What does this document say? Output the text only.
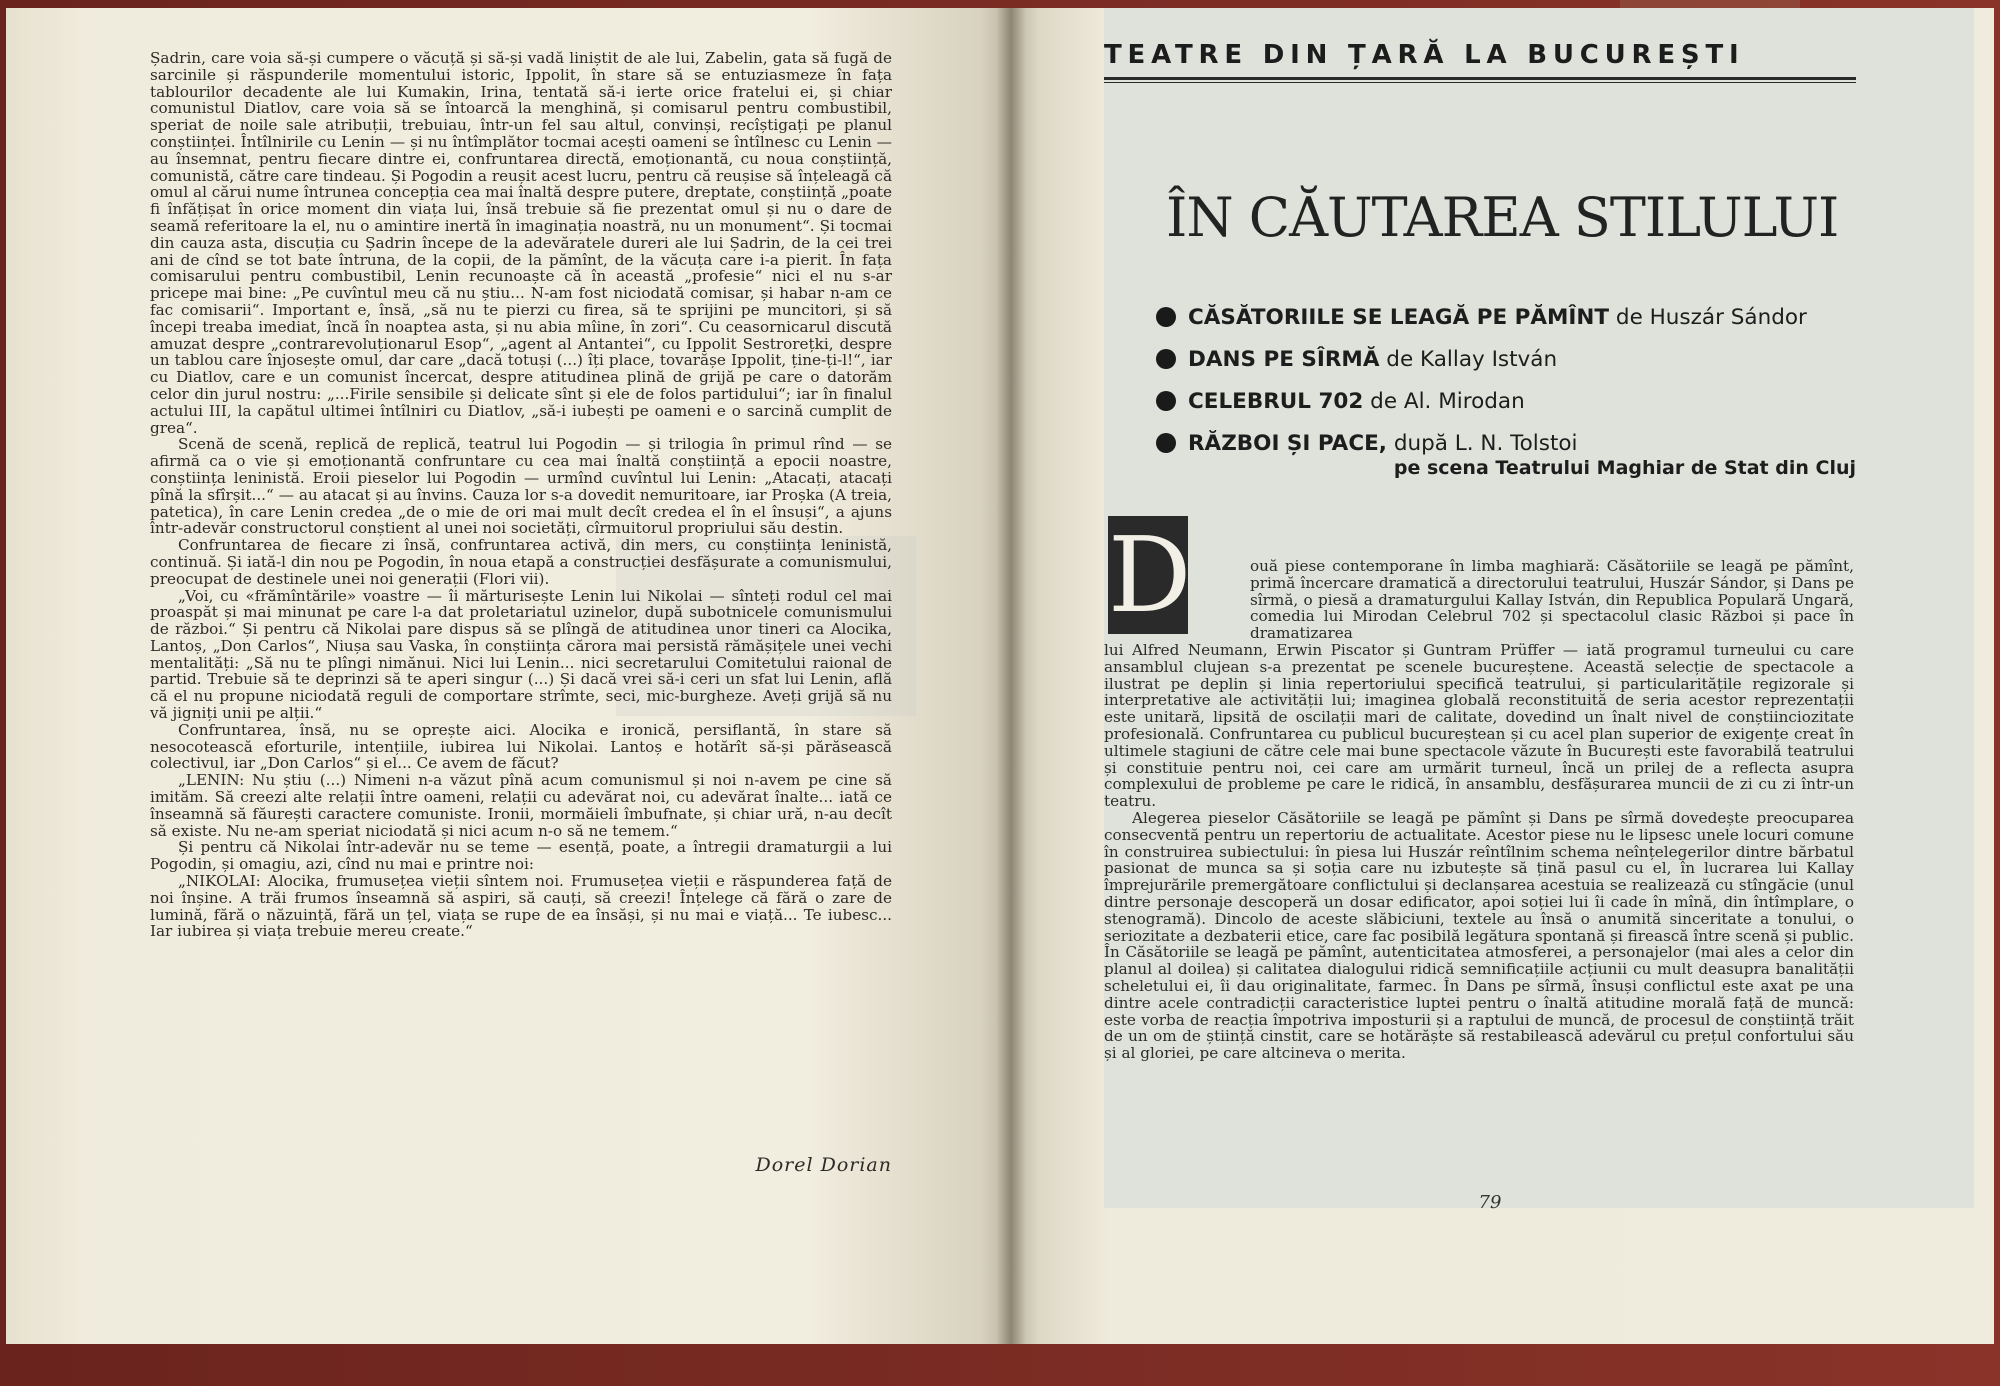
Șadrin, care voia să-și cumpere o văcuță și să-și vadă liniștit de ale lui, Zabelin, gata să fugă de sarcinile și răspunderile momentului istoric, Ippolit, în stare să se entuziasmeze în fața tablourilor decadente ale lui Kumakin, Irina, tentată să-i ierte orice fratelui ei, și chiar comunistul Diatlov, care voia să se întoarcă la menghină, și comisarul pentru combustibil, speriat de noile sale atribuții, trebuiau, într-un fel sau altul, convinși, recîștigați pe planul conștiinței. Întîlnirile cu Lenin — și nu întîmplător tocmai acești oameni se întîlnesc cu Lenin — au însemnat, pentru fiecare dintre ei, confruntarea directă, emoționantă, cu noua conștiință, comunistă, către care tindeau. Și Pogodin a reușit acest lucru, pentru că reușise să înțeleagă că omul al cărui nume întrunea concepția cea mai înaltă despre putere, dreptate, conștiință „poate fi înfățișat în orice moment din viața lui, însă trebuie să fie prezentat omul și nu o dare de seamă referitoare la el, nu o amintire inertă în imaginația noastră, nu un monument“. Și tocmai din cauza asta, discuția cu Șadrin începe de la adevăratele dureri ale lui Șadrin, de la cei trei ani de cînd se tot bate întruna, de la copii, de la pămînt, de la văcuța care i-a pierit. În fața comisarului pentru combustibil, Lenin recunoaște că în această „profesie“ nici el nu s-ar pricepe mai bine: „Pe cuvîntul meu că nu știu... N-am fost niciodată comisar, și habar n-am ce fac comisarii“. Important e, însă, „să nu te pierzi cu firea, să te sprijini pe muncitori, și să începi treaba imediat, încă în noaptea asta, și nu abia mîine, în zori“. Cu ceasornicarul discută amuzat despre „contrarevoluționarul Esop“, „agent al Antantei“, cu Ippolit Sestrorețki, despre un tablou care înjosește omul, dar care „dacă totuși (...) îți place, tovarășe Ippolit, ține-ți-l!“, iar cu Diatlov, care e un comunist încercat, despre atitudinea plină de grijă pe care o datorăm celor din jurul nostru: „...Firile sensibile și delicate sînt și ele de folos partidului“; iar în finalul actului III, la capătul ultimei întîlniri cu Diatlov, „să-i iubești pe oameni e o sarcină cumplit de grea“.

Scenă de scenă, replică de replică, teatrul lui Pogodin — și trilogia în primul rînd — se afirmă ca o vie și emoționantă confruntare cu cea mai înaltă conștiință a epocii noastre, conștiința leninistă. Eroii pieselor lui Pogodin — urmînd cuvîntul lui Lenin: „Atacați, atacați pînă la sfîrșit...“ — au atacat și au învins. Cauza lor s-a dovedit nemuritoare, iar Proșka (A treia, patetica), în care Lenin credea „de o mie de ori mai mult decît credea el în el însuși“, a ajuns într-adevăr constructorul conștient al unei noi societăți, cîrmuitorul propriului său destin.

Confruntarea de fiecare zi însă, confruntarea activă, din mers, cu conștiința leninistă, continuă. Și iată-l din nou pe Pogodin, în noua etapă a construcției desfășurate a comunismului, preocupat de destinele unei noi generații (Flori vii).

„Voi, cu «frămîntările» voastre — îi mărturisește Lenin lui Nikolai — sînteți rodul cel mai proaspăt și mai minunat pe care l-a dat proletariatul uzinelor, după subotnicele comunismului de război.“ Și pentru că Nikolai pare dispus să se plîngă de atitudinea unor tineri ca Alocika, Lantoș, „Don Carlos“, Niușa sau Vaska, în conștiința cărora mai persistă rămășițele unei vechi mentalități: „Să nu te plîngi nimănui. Nici lui Lenin... nici secretarului Comitetului raional de partid. Trebuie să te deprinzi să te aperi singur (...) Și dacă vrei să-i ceri un sfat lui Lenin, află că el nu propune niciodată reguli de comportare strîmte, seci, mic-burgheze. Aveți grijă să nu vă jigniți unii pe alții.“

Confruntarea, însă, nu se oprește aici. Alocika e ironică, persiflantă, în stare să nesocotească eforturile, intențiile, iubirea lui Nikolai. Lantoș e hotărît să-și părăsească colectivul, iar „Don Carlos“ și el... Ce avem de făcut?

„LENIN: Nu știu (...) Nimeni n-a văzut pînă acum comunismul și noi n-avem pe cine să imităm. Să creezi alte relații între oameni, relații cu adevărat noi, cu adevărat înalte... iată ce înseamnă să făurești caractere comuniste. Ironii, mormăieli îmbufnate, și chiar ură, n-au decît să existe. Nu ne-am speriat niciodată și nici acum n-o să ne temem.“

Și pentru că Nikolai într-adevăr nu se teme — esență, poate, a întregii dramaturgii a lui Pogodin, și omagiu, azi, cînd nu mai e printre noi:

„NIKOLAI: Alocika, frumusețea vieții sîntem noi. Frumusețea vieții e răspunderea față de noi înșine. A trăi frumos înseamnă să aspiri, să cauți, să creezi! Înțelege că fără o zare de lumină, fără o năzuință, fără un țel, viața se rupe de ea însăși, și nu mai e viață... Te iubesc... Iar iubirea și viața trebuie mereu create.“

Dorel Dorian
TEATRE DIN ȚARĂ LA BUCUREȘTI
ÎN CĂUTAREA STILULUI
CĂSĂTORIILE SE LEAGĂ PE PĂMÎNT
de Huszár Sándor
DANS PE SÎRMĂ
de Kallay István
CELEBRUL 702
de Al. Mirodan
RĂZBOI ȘI PACE,
după L. N. Tolstoi
pe scena Teatrului Maghiar de Stat din Cluj
D	ouă piese contemporane în limba maghiară: Căsătoriile se leagă pe pămînt, primă încercare dramatică a directorului teatrului, Huszár Sándor, și Dans pe sîrmă, o piesă a dramaturgului Kallay István, din Republica Populară Ungară, comedia lui Mirodan Celebrul 702 și spectacolul clasic Război și pace în dramatizarea

lui Alfred Neumann, Erwin Piscator și Guntram Prüffer — iată programul turneului cu care ansamblul clujean s-a prezentat pe scenele bucureștene. Această selecție de spectacole a ilustrat pe deplin și linia repertoriului specifică teatrului, și particularitățile regizorale și interpretative ale activității lui; imaginea globală reconstituită de seria acestor reprezentații este unitară, lipsită de oscilații mari de calitate, dovedind un înalt nivel de conștiinciozitate profesională. Confruntarea cu publicul bucureștean și cu acel plan superior de exigențe creat în ultimele stagiuni de către cele mai bune spectacole văzute în București este favorabilă teatrului și constituie pentru noi, cei care am urmărit turneul, încă un prilej de a reflecta asupra complexului de probleme pe care le ridică, în ansamblu, desfășurarea muncii de zi cu zi într-un teatru.

Alegerea pieselor Căsătoriile se leagă pe pămînt și Dans pe sîrmă dovedește preocuparea consecventă pentru un repertoriu de actualitate. Acestor piese nu le lipsesc unele locuri comune în construirea subiectului: în piesa lui Huszár reîntîlnim schema neînțelegerilor dintre bărbatul pasionat de munca sa și soția care nu izbutește să țină pasul cu el, în lucrarea lui Kallay împrejurările premergătoare conflictului și declanșarea acestuia se realizează cu stîngăcie (unul dintre personaje descoperă un dosar edificator, apoi soției lui îi cade în mînă, din întîmplare, o stenogramă). Dincolo de aceste slăbiciuni, textele au însă o anumită sinceritate a tonului, o seriozitate a dezbaterii etice, care fac posibilă legătura spontană și firească între scenă și public. În Căsătoriile se leagă pe pămînt, autenticitatea atmosferei, a personajelor (mai ales a celor din planul al doilea) și calitatea dialogului ridică semnificațiile acțiunii cu mult deasupra banalității scheletului ei, îi dau originalitate, farmec. În Dans pe sîrmă, însuși conflictul este axat pe una dintre acele contradicții caracteristice luptei pentru o înaltă atitudine morală față de muncă: este vorba de reacția împotriva imposturii și a raptului de muncă, de procesul de conștiință trăit de un om de știință cinstit, care se hotărăște să restabilească adevărul cu prețul confortului său și al gloriei, pe care altcineva o merita.

79
